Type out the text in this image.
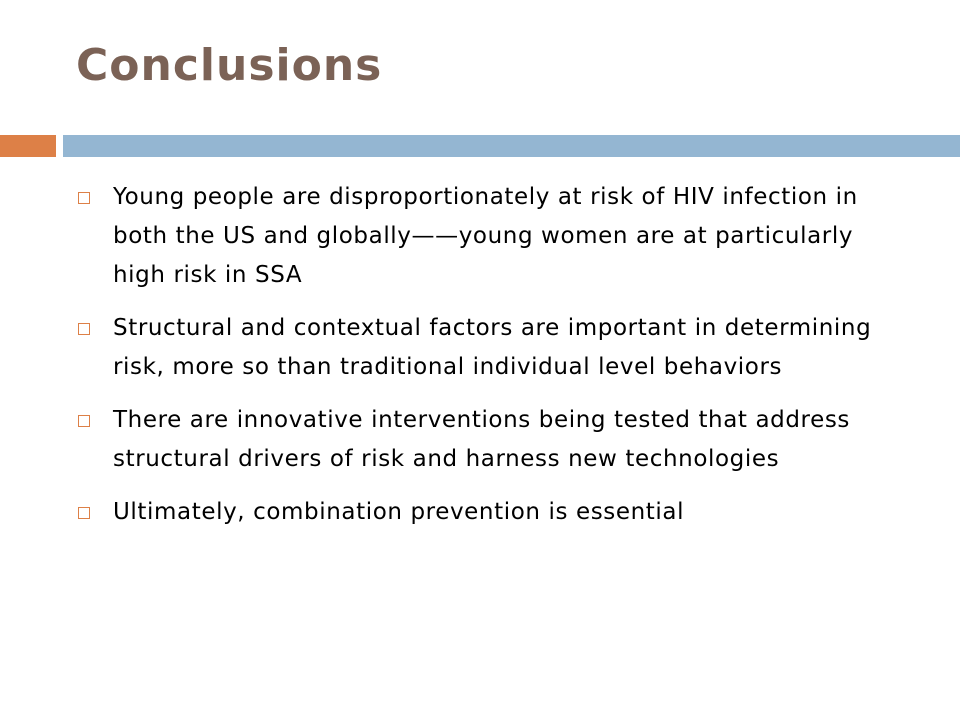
Conclusions
Young people are disproportionately at risk of HIV infection in both the US and globally——young women are at particularly high risk in SSA
Structural and contextual factors are important in determining risk, more so than traditional individual level behaviors
There are innovative interventions being tested that address structural drivers of risk and harness new technologies
Ultimately, combination prevention is essential
